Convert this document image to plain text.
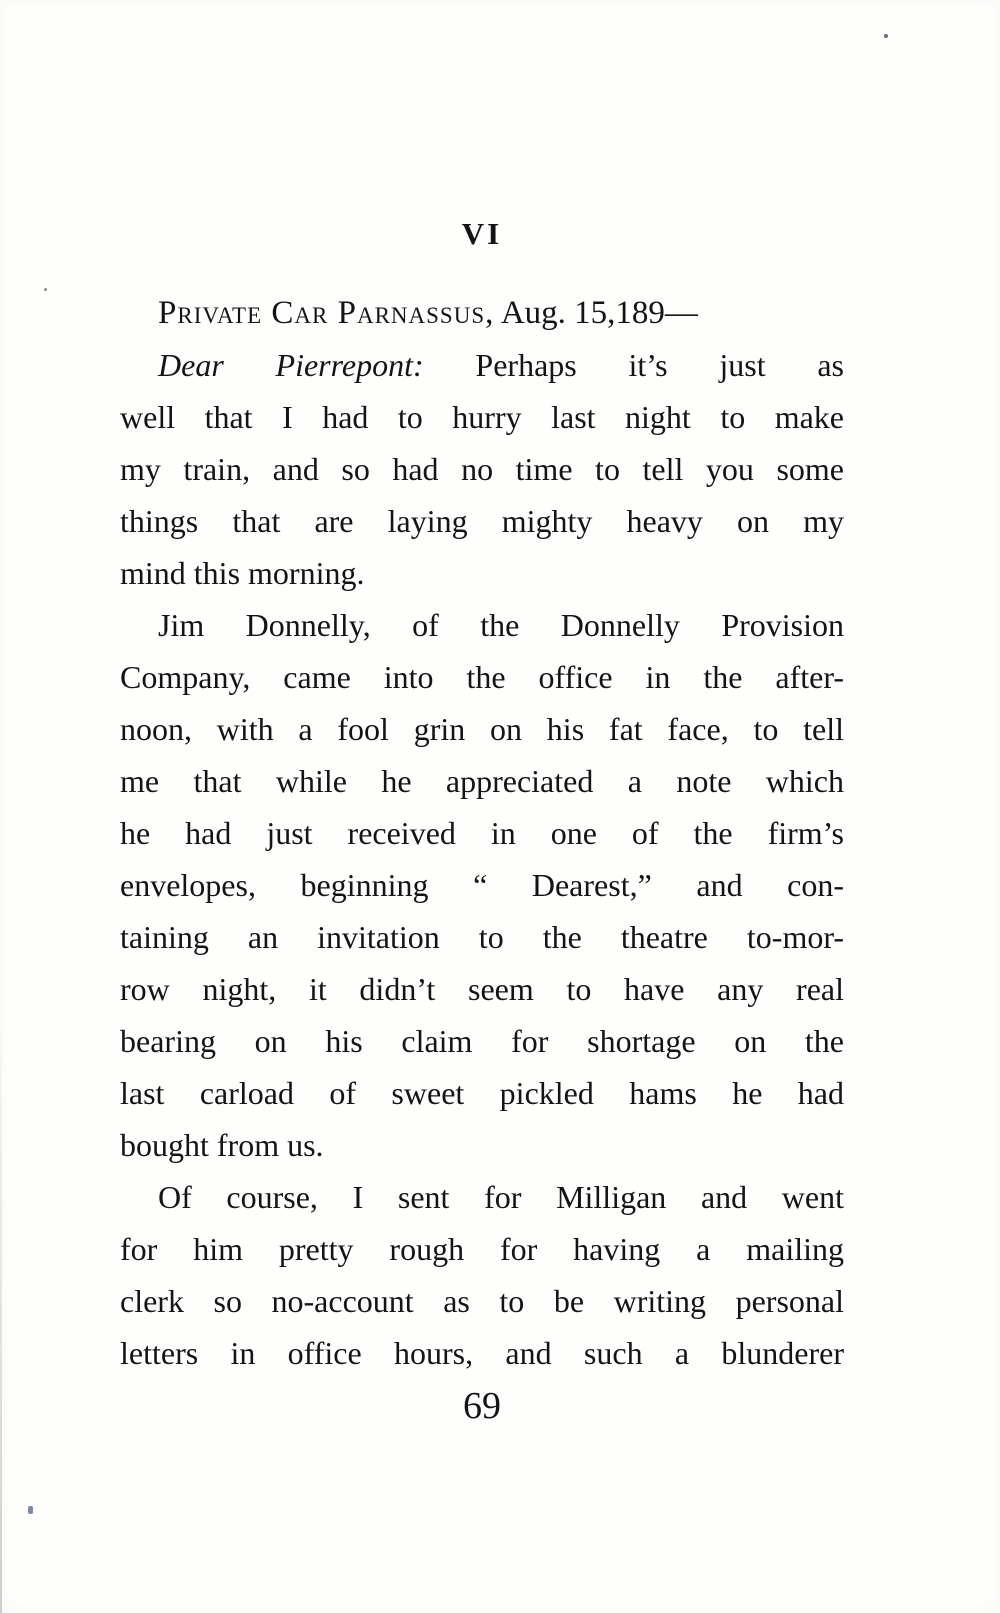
VI
Private Car Parnassus, Aug. 15,189—
Dear Pierrepont: Perhaps it’s just as
well that I had to hurry last night to make
my train, and so had no time to tell you some
things that are laying mighty heavy on my
mind this morning.
Jim Donnelly, of the Donnelly Provision
Company, came into the office in the after-
noon, with a fool grin on his fat face, to tell
me that while he appreciated a note which
he had just received in one of the firm’s
envelopes, beginning “ Dearest,” and con-
taining an invitation to the theatre to-mor-
row night, it didn’t seem to have any real
bearing on his claim for shortage on the
last carload of sweet pickled hams he had
bought from us.
Of course, I sent for Milligan and went
for him pretty rough for having a mailing
clerk so no-account as to be writing personal
letters in office hours, and such a blunderer
69
